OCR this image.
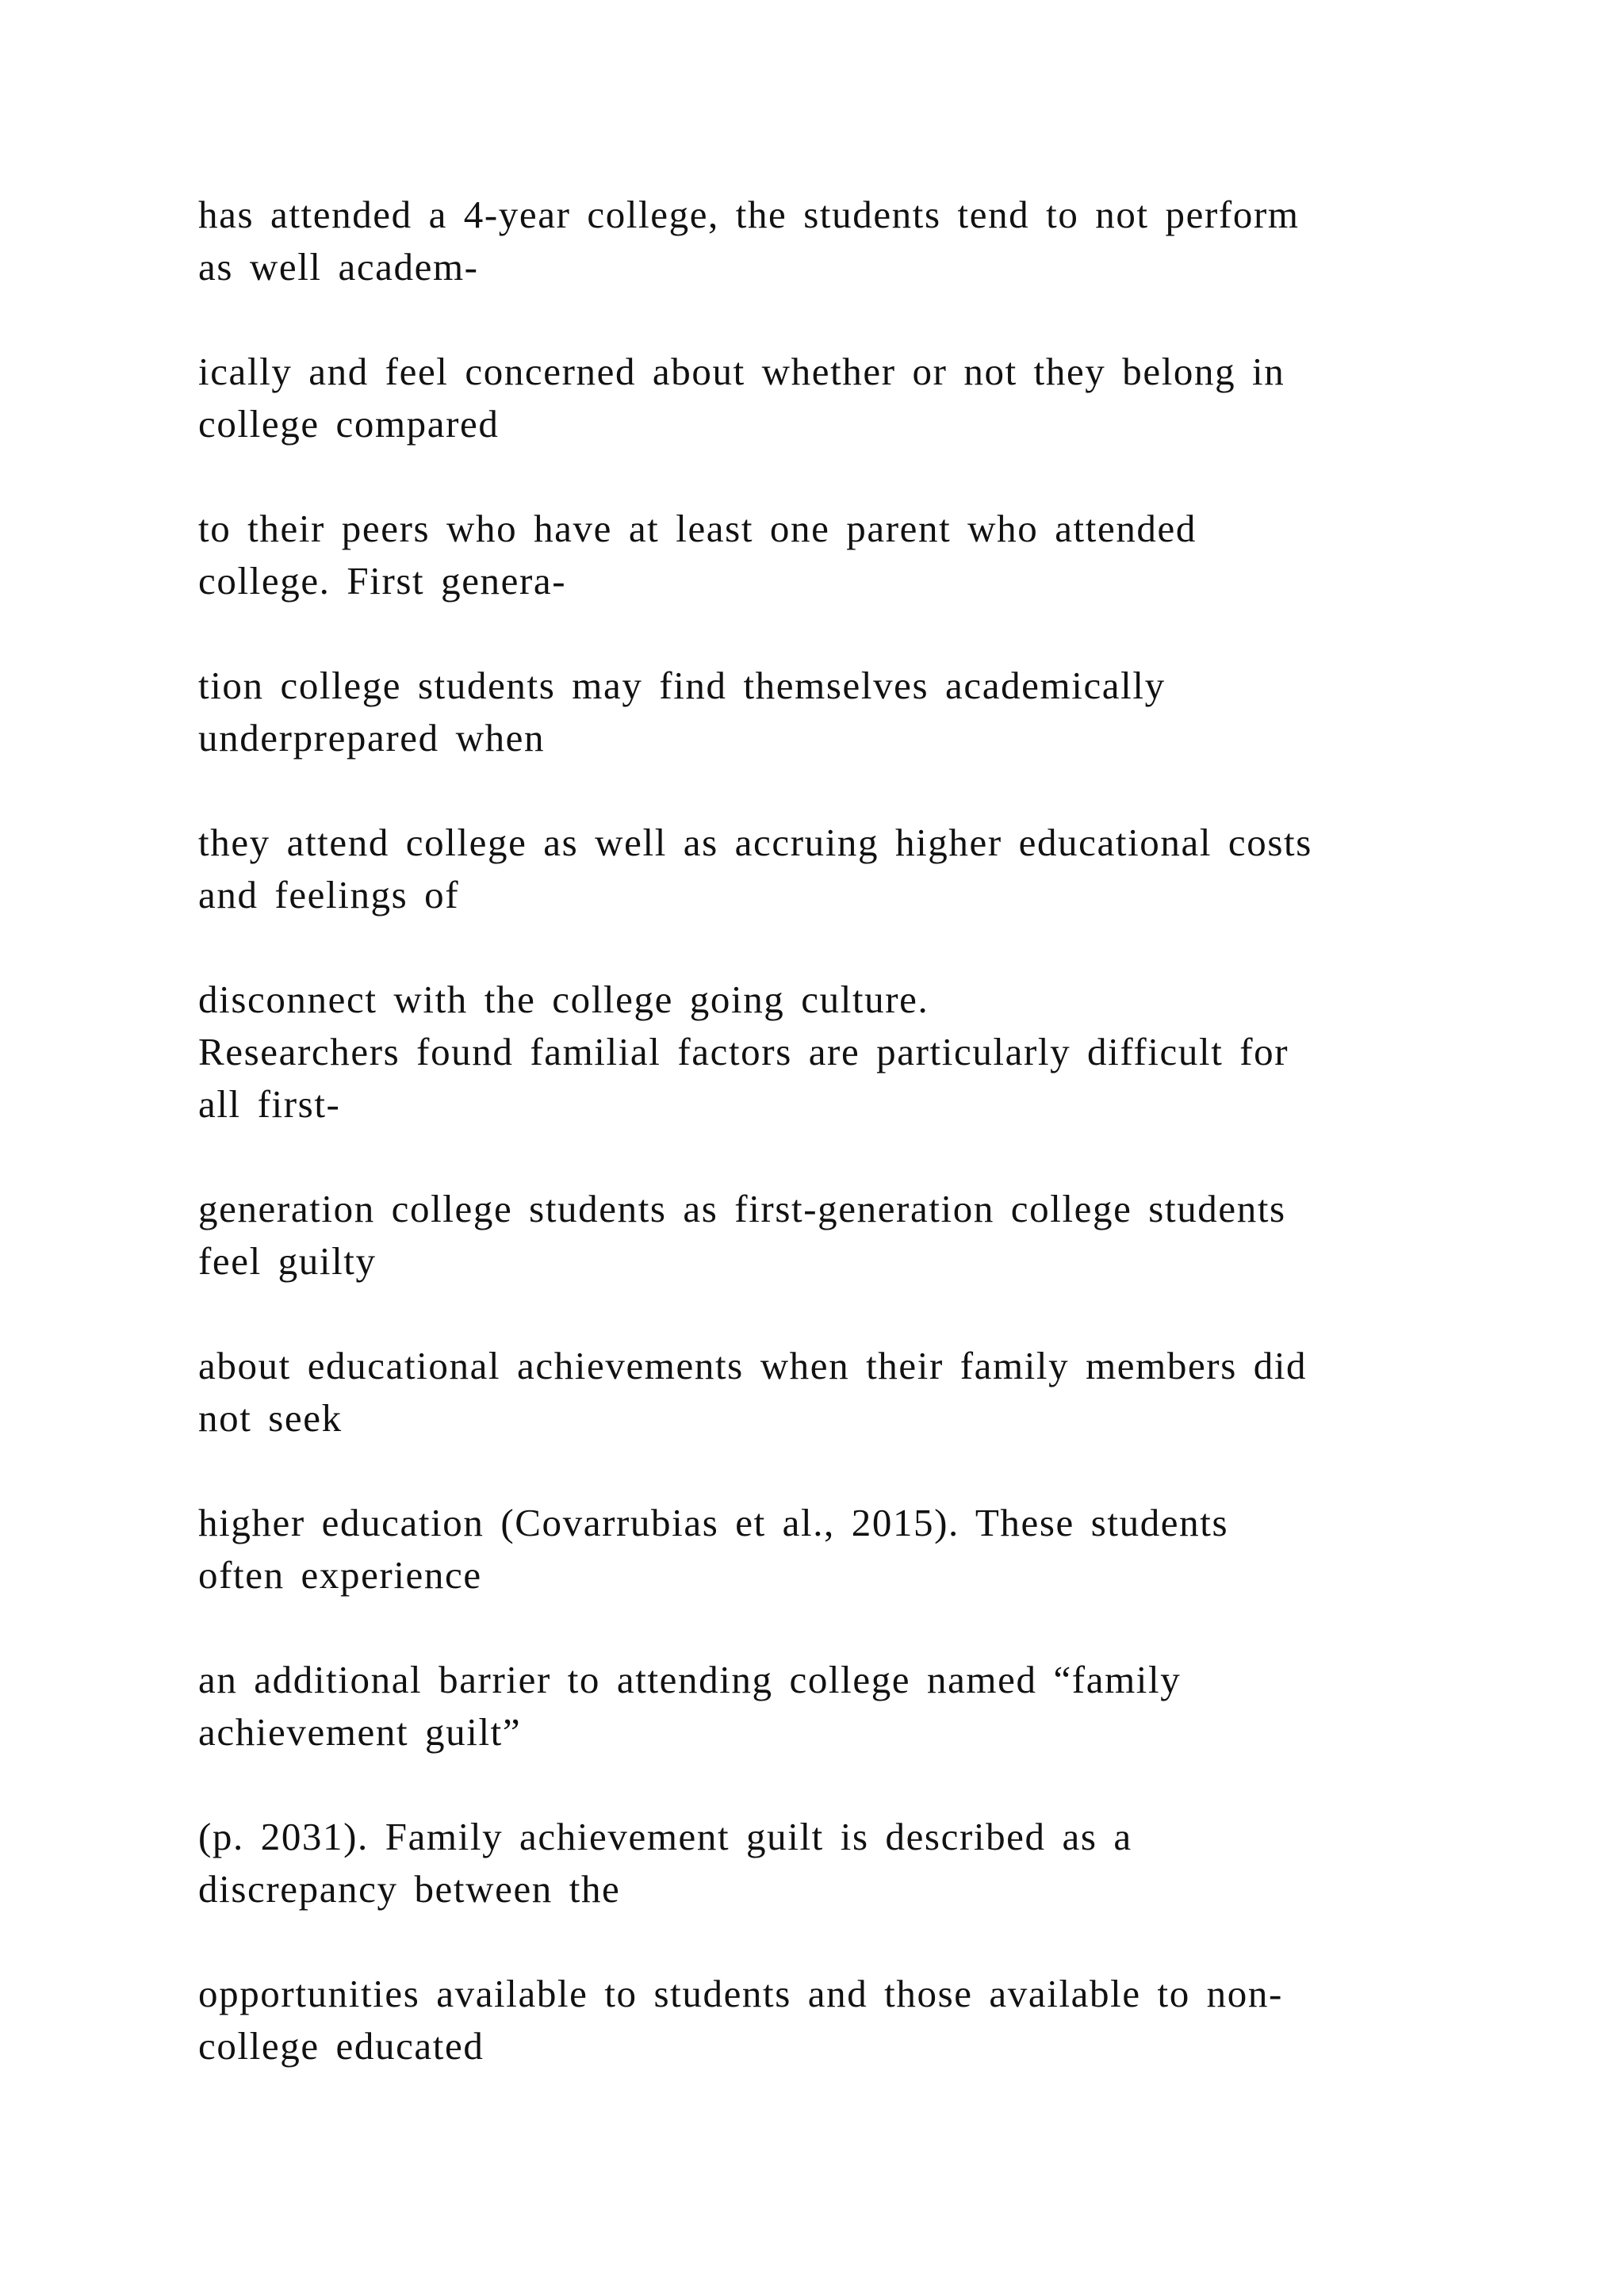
has attended a 4-year college, the students tend to not perform
as well academ-

ically and feel concerned about whether or not they belong in
college compared

to their peers who have at least one parent who attended
college. First genera-

tion college students may find themselves academically
underprepared when

they attend college as well as accruing higher educational costs
and feelings of

disconnect with the college going culture.
Researchers found familial factors are particularly difficult for
all first-

generation college students as first-generation college students
feel guilty

about educational achievements when their family members did
not seek

higher education (Covarrubias et al., 2015). These students
often experience

an additional barrier to attending college named “family
achievement guilt”

(p. 2031). Family achievement guilt is described as a
discrepancy between the

opportunities available to students and those available to non-
college educated
